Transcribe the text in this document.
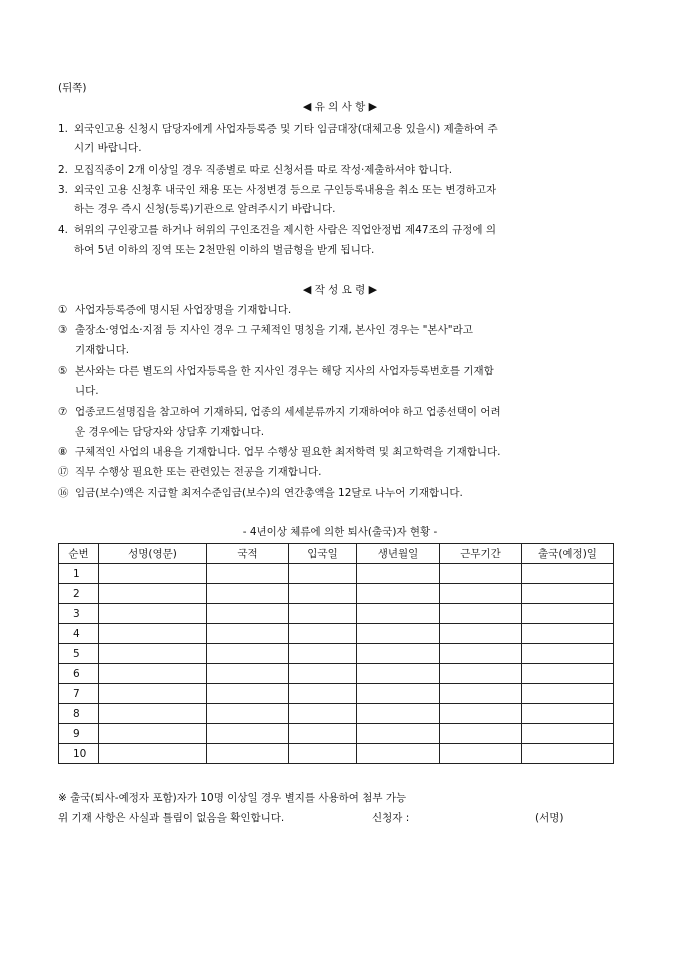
(뒤쪽)
◀ 유 의 사 항 ▶
1. 외국인고용 신청시 담당자에게 사업자등록증 및 기타 임금대장(대체고용 있을시) 제출하여 주
시기 바랍니다.
2. 모집직종이 2개 이상일 경우 직종별로 따로 신청서를 따로 작성·제출하셔야 합니다.
3. 외국인 고용 신청후 내국인 채용 또는 사정변경 등으로 구인등록내용을 취소 또는 변경하고자
하는 경우 즉시 신청(등록)기관으로 알려주시기 바랍니다.
4. 허위의 구인광고를 하거나 허위의 구인조건을 제시한 사람은 직업안정법 제47조의 규정에 의
하여 5년 이하의 징역 또는 2천만원 이하의 벌금형을 받게 됩니다.
◀ 작 성 요 령 ▶
① 사업자등록증에 명시된 사업장명을 기재합니다.
③ 출장소·영업소·지점 등 지사인 경우 그 구체적인 명칭을 기재, 본사인 경우는 "본사"라고
기재합니다.
⑤ 본사와는 다른 별도의 사업자등록을 한 지사인 경우는 해당 지사의 사업자등록번호를 기재합
니다.
⑦ 업종코드설명집을 참고하여 기재하되, 업종의 세세분류까지 기재하여야 하고 업종선택이 어려
운 경우에는 담당자와 상담후 기재합니다.
⑧ 구체적인 사업의 내용을 기재합니다. 업무 수행상 필요한 최저학력 및 최고학력을 기재합니다.
⑰ 직무 수행상 필요한 또는 관련있는 전공을 기재합니다.
⑯ 임금(보수)액은 지급할 최저수준임금(보수)의 연간총액을 12달로 나누어 기재합니다.
- 4년이상 체류에 의한 퇴사(출국)자 현황 -
순번	성명(영문)	국적	입국일	생년월일	근무기간	출국(예정)일
1						
2						
3						
4						
5						
6						
7						
8						
9						
10						
※ 출국(퇴사-예정자 포함)자가 10명 이상일 경우 별지를 사용하여 첨부 가능
위 기재 사항은 사실과 틀림이 없음을 확인합니다.	신청자 :	(서명)
